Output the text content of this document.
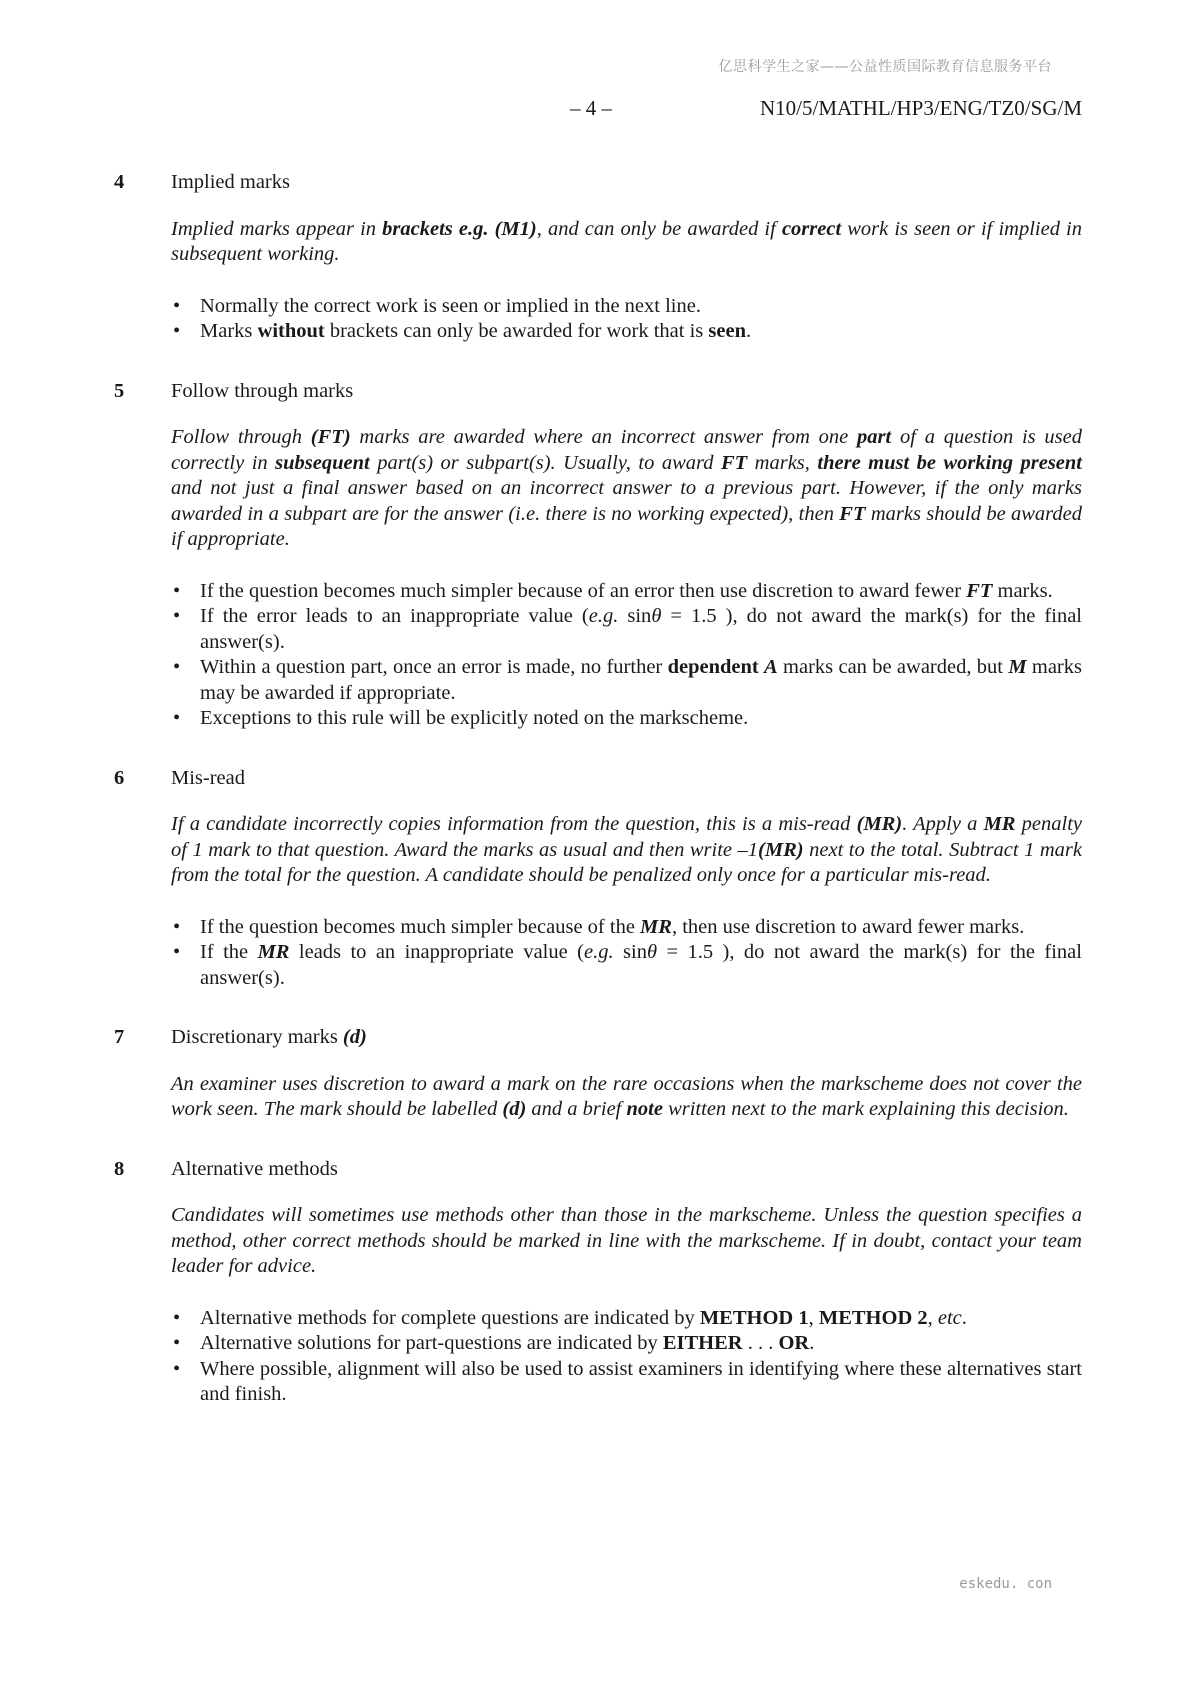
亿思科学生之家——公益性质国际教育信息服务平台
– 4 –	N10/5/MATHL/HP3/ENG/TZ0/SG/M
4	Implied marks

Implied marks appear in brackets e.g. (M1), and can only be awarded if correct work is seen or if implied in subsequent working.

• Normally the correct work is seen or implied in the next line.
• Marks without brackets can only be awarded for work that is seen.
5	Follow through marks

Follow through (FT) marks are awarded where an incorrect answer from one part of a question is used correctly in subsequent part(s) or subpart(s). Usually, to award FT marks, there must be working present and not just a final answer based on an incorrect answer to a previous part. However, if the only marks awarded in a subpart are for the answer (i.e. there is no working expected), then FT marks should be awarded if appropriate.

• If the question becomes much simpler because of an error then use discretion to award fewer FT marks.
• If the error leads to an inappropriate value (e.g. sinθ = 1.5 ), do not award the mark(s) for the final answer(s).
• Within a question part, once an error is made, no further dependent A marks can be awarded, but M marks may be awarded if appropriate.
• Exceptions to this rule will be explicitly noted on the markscheme.
6	Mis-read

If a candidate incorrectly copies information from the question, this is a mis-read (MR). Apply a MR penalty of 1 mark to that question. Award the marks as usual and then write –1(MR) next to the total. Subtract 1 mark from the total for the question. A candidate should be penalized only once for a particular mis-read.

• If the question becomes much simpler because of the MR, then use discretion to award fewer marks.
• If the MR leads to an inappropriate value (e.g. sinθ = 1.5 ), do not award the mark(s) for the final answer(s).
7	Discretionary marks (d)

An examiner uses discretion to award a mark on the rare occasions when the markscheme does not cover the work seen. The mark should be labelled (d) and a brief note written next to the mark explaining this decision.

8	Alternative methods

Candidates will sometimes use methods other than those in the markscheme. Unless the question specifies a method, other correct methods should be marked in line with the markscheme. If in doubt, contact your team leader for advice.

• Alternative methods for complete questions are indicated by METHOD 1, METHOD 2, etc.
• Alternative solutions for part-questions are indicated by EITHER . . . OR.
• Where possible, alignment will also be used to assist examiners in identifying where these alternatives start and finish.
eskedu. con
